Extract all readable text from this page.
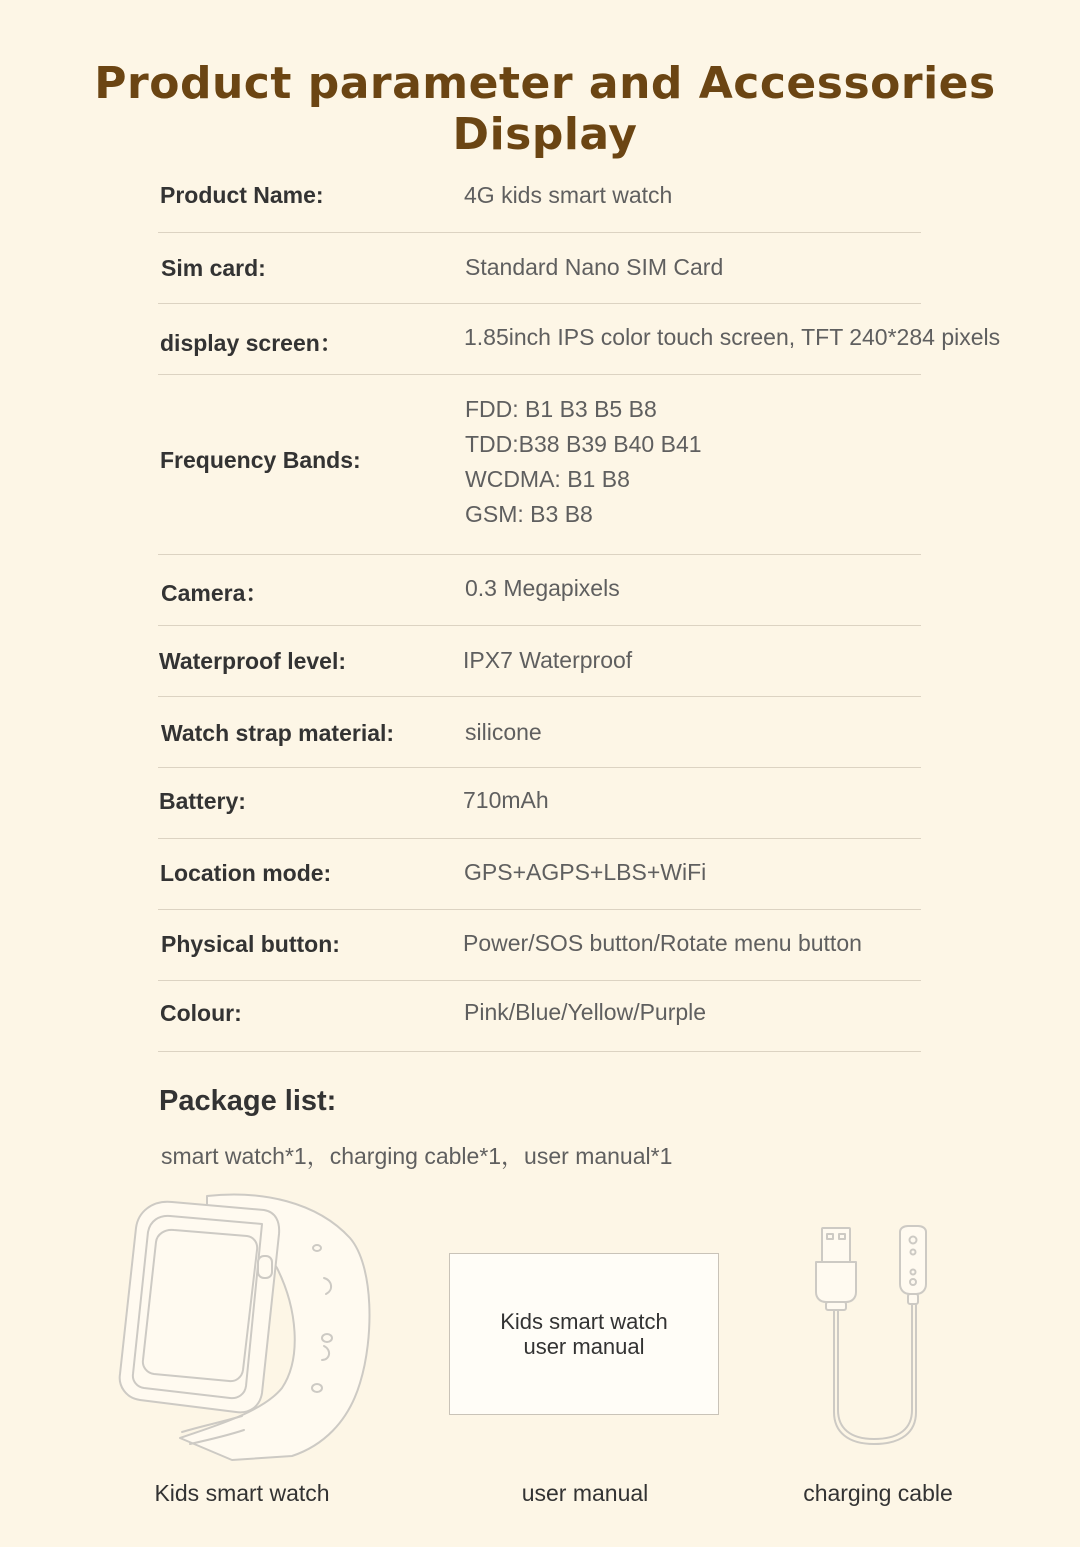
Product parameter and Accessories Display
Product Name:	4G kids smart watch
Sim card:	Standard Nano SIM Card
display screen：	1.85inch IPS color touch screen, TFT 240*284 pixels
Frequency Bands:
FDD: B1 B3 B5 B8
TDD:B38 B39 B40 B41
WCDMA: B1 B8
GSM: B3 B8
Camera：	0.3 Megapixels
Waterproof level:	IPX7 Waterproof
Watch strap material:	silicone
Battery:	710mAh
Location mode:	GPS+AGPS+LBS+WiFi
Physical button:	Power/SOS button/Rotate menu button
Colour:	Pink/Blue/Yellow/Purple
Package list:
smart watch*1，charging cable*1，user manual*1
Kids smart watch
Kids smart watch
user manual
user manual	charging cable
